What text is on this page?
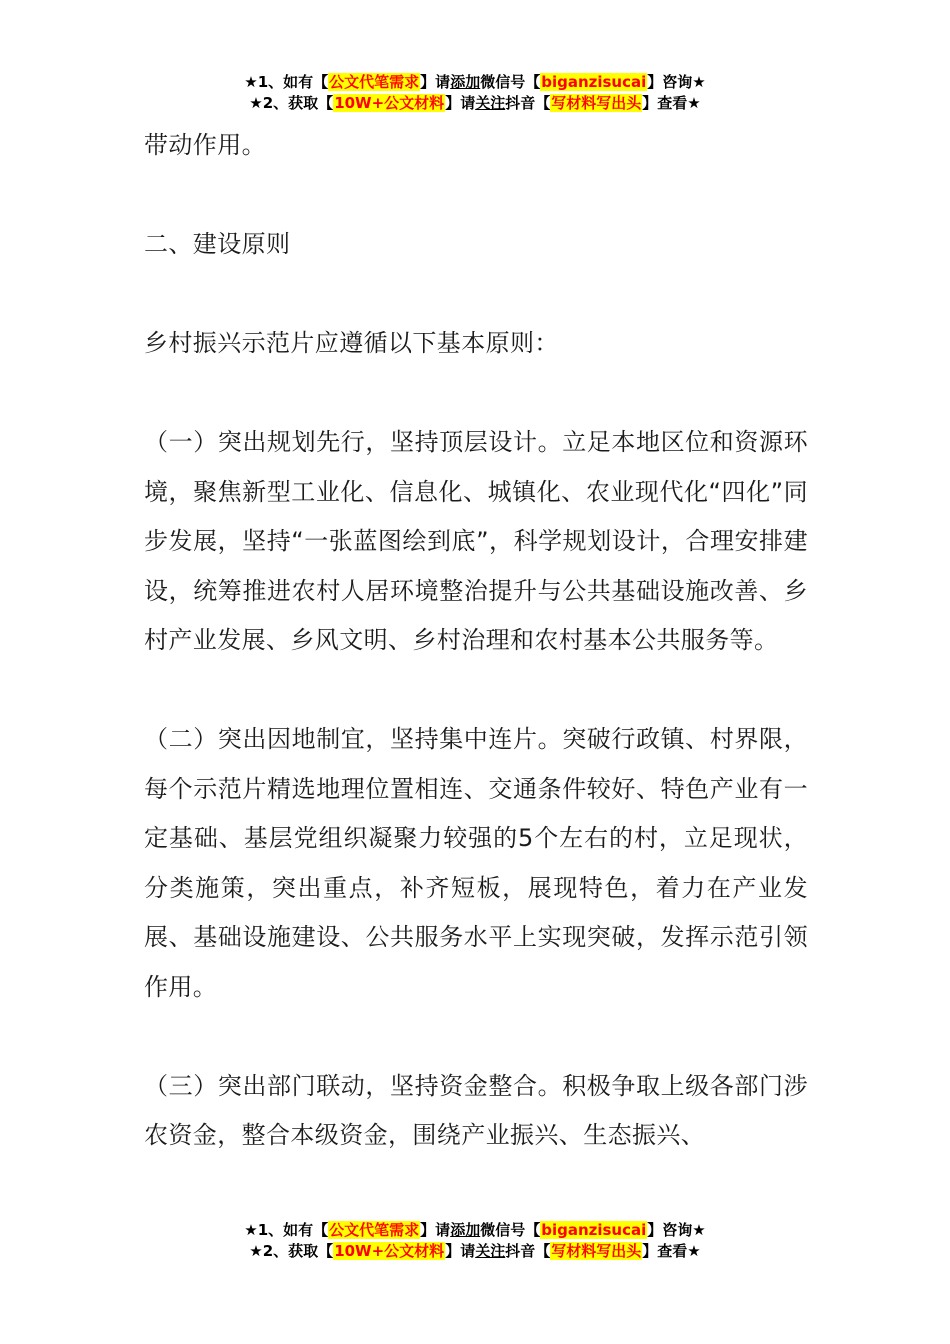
★1、如有【公文代笔需求】请添加微信号【biganzisucai】咨询★
★2、获取【10W+公文材料】请关注抖音【写材料写出头】查看★

带动作用。

二、建设原则

乡村振兴示范片应遵循以下基本原则：

（一）突出规划先行，坚持顶层设计。立足本地区位和资源环境，聚焦新型工业化、信息化、城镇化、农业现代化“四化”同步发展，坚持“一张蓝图绘到底”，科学规划设计，合理安排建设，统筹推进农村人居环境整治提升与公共基础设施改善、乡村产业发展、乡风文明、乡村治理和农村基本公共服务等。

（二）突出因地制宜，坚持集中连片。突破行政镇、村界限，每个示范片精选地理位置相连、交通条件较好、特色产业有一定基础、基层党组织凝聚力较强的5个左右的村，立足现状，分类施策，突出重点，补齐短板，展现特色，着力在产业发展、基础设施建设、公共服务水平上实现突破，发挥示范引领作用。

（三）突出部门联动，坚持资金整合。积极争取上级各部门涉农资金，整合本级资金，围绕产业振兴、生态振兴、

★1、如有【公文代笔需求】请添加微信号【biganzisucai】咨询★
★2、获取【10W+公文材料】请关注抖音【写材料写出头】查看★
